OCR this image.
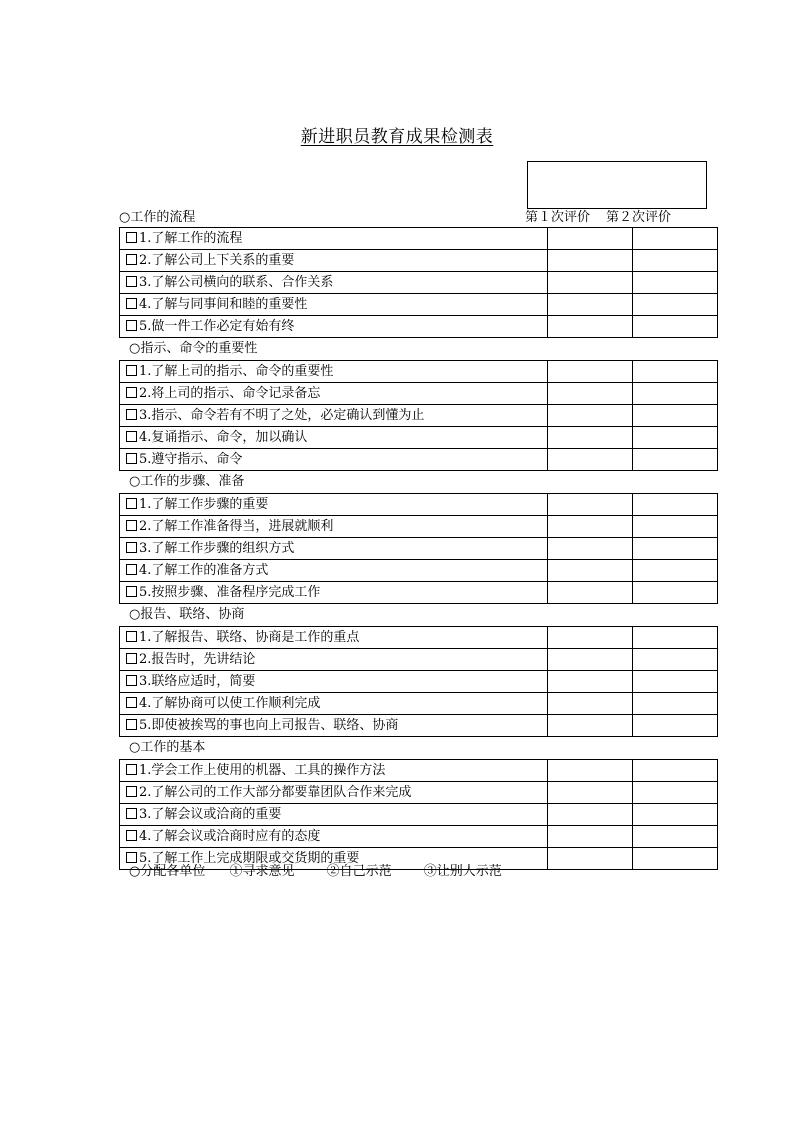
新进职员教育成果检测表
○工作的流程	第１次评价 第２次评价
1.了解工作的流程		
2.了解公司上下关系的重要		
3.了解公司横向的联系、合作关系		
4.了解与同事间和睦的重要性		
5.做一件工作必定有始有终		
○指示、命令的重要性
1.了解上司的指示、命令的重要性		
2.将上司的指示、命令记录备忘		
3.指示、命令若有不明了之处，必定确认到懂为止		
4.复诵指示、命令，加以确认		
5.遵守指示、命令		
○工作的步骤、准备
1.了解工作步骤的重要		
2.了解工作准备得当，进展就顺利		
3.了解工作步骤的组织方式		
4.了解工作的准备方式		
5.按照步骤、准备程序完成工作		
○报告、联络、协商
1.了解报告、联络、协商是工作的重点		
2.报告时，先讲结论		
3.联络应适时，简要		
4.了解协商可以使工作顺利完成		
5.即使被挨骂的事也向上司报告、联络、协商		
○工作的基本
1.学会工作上使用的机器、工具的操作方法		
2.了解公司的工作大部分都要靠团队合作来完成		
3.了解会议或洽商的重要		
4.了解会议或洽商时应有的态度		
5.了解工作上完成期限或交货期的重要		
○分配各单位 ①寻求意见 ②自己示范 ③让别人示范
